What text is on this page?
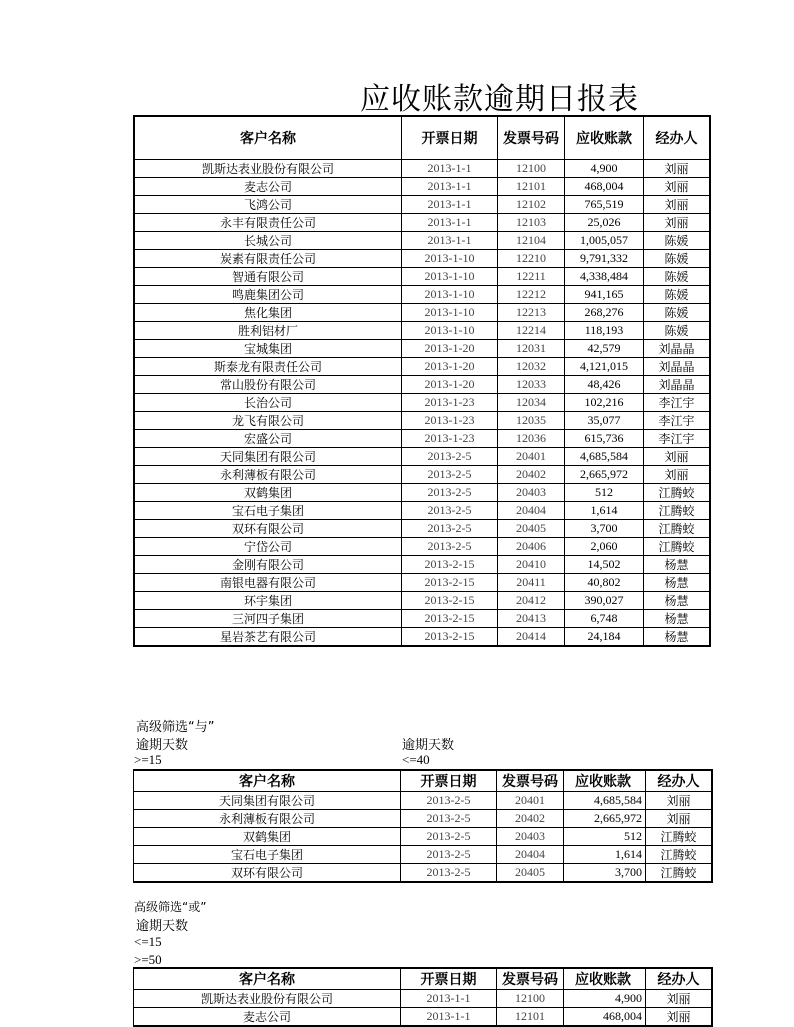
应收账款逾期日报表
客户名称	开票日期	发票号码	应收账款	经办人
凯斯达表业股份有限公司	2013-1-1	12100	4,900	刘丽
麦志公司	2013-1-1	12101	468,004	刘丽
飞鸿公司	2013-1-1	12102	765,519	刘丽
永丰有限责任公司	2013-1-1	12103	25,026	刘丽
长城公司	2013-1-1	12104	1,005,057	陈媛
炭素有限责任公司	2013-1-10	12210	9,791,332	陈媛
智通有限公司	2013-1-10	12211	4,338,484	陈媛
鸣鹿集团公司	2013-1-10	12212	941,165	陈媛
焦化集团	2013-1-10	12213	268,276	陈媛
胜利铝材厂	2013-1-10	12214	118,193	陈媛
宝城集团	2013-1-20	12031	42,579	刘晶晶
斯泰龙有限责任公司	2013-1-20	12032	4,121,015	刘晶晶
常山股份有限公司	2013-1-20	12033	48,426	刘晶晶
长治公司	2013-1-23	12034	102,216	李江宇
龙飞有限公司	2013-1-23	12035	35,077	李江宇
宏盛公司	2013-1-23	12036	615,736	李江宇
天同集团有限公司	2013-2-5	20401	4,685,584	刘丽
永利薄板有限公司	2013-2-5	20402	2,665,972	刘丽
双鹤集团	2013-2-5	20403	512	江腾蛟
宝石电子集团	2013-2-5	20404	1,614	江腾蛟
双环有限公司	2013-2-5	20405	3,700	江腾蛟
宁岱公司	2013-2-5	20406	2,060	江腾蛟
金刚有限公司	2013-2-15	20410	14,502	杨慧
南银电器有限公司	2013-2-15	20411	40,802	杨慧
环宇集团	2013-2-15	20412	390,027	杨慧
三河四子集团	2013-2-15	20413	6,748	杨慧
星岩茶艺有限公司	2013-2-15	20414	24,184	杨慧
高级筛选“与”
逾期天数
>=15
逾期天数
<=40
客户名称	开票日期	发票号码	应收账款	经办人
天同集团有限公司	2013-2-5	20401	4,685,584	刘丽
永利薄板有限公司	2013-2-5	20402	2,665,972	刘丽
双鹤集团	2013-2-5	20403	512	江腾蛟
宝石电子集团	2013-2-5	20404	1,614	江腾蛟
双环有限公司	2013-2-5	20405	3,700	江腾蛟
高级筛选“或”
逾期天数
<=15
>=50
客户名称	开票日期	发票号码	应收账款	经办人
凯斯达表业股份有限公司	2013-1-1	12100	4,900	刘丽
麦志公司	2013-1-1	12101	468,004	刘丽
